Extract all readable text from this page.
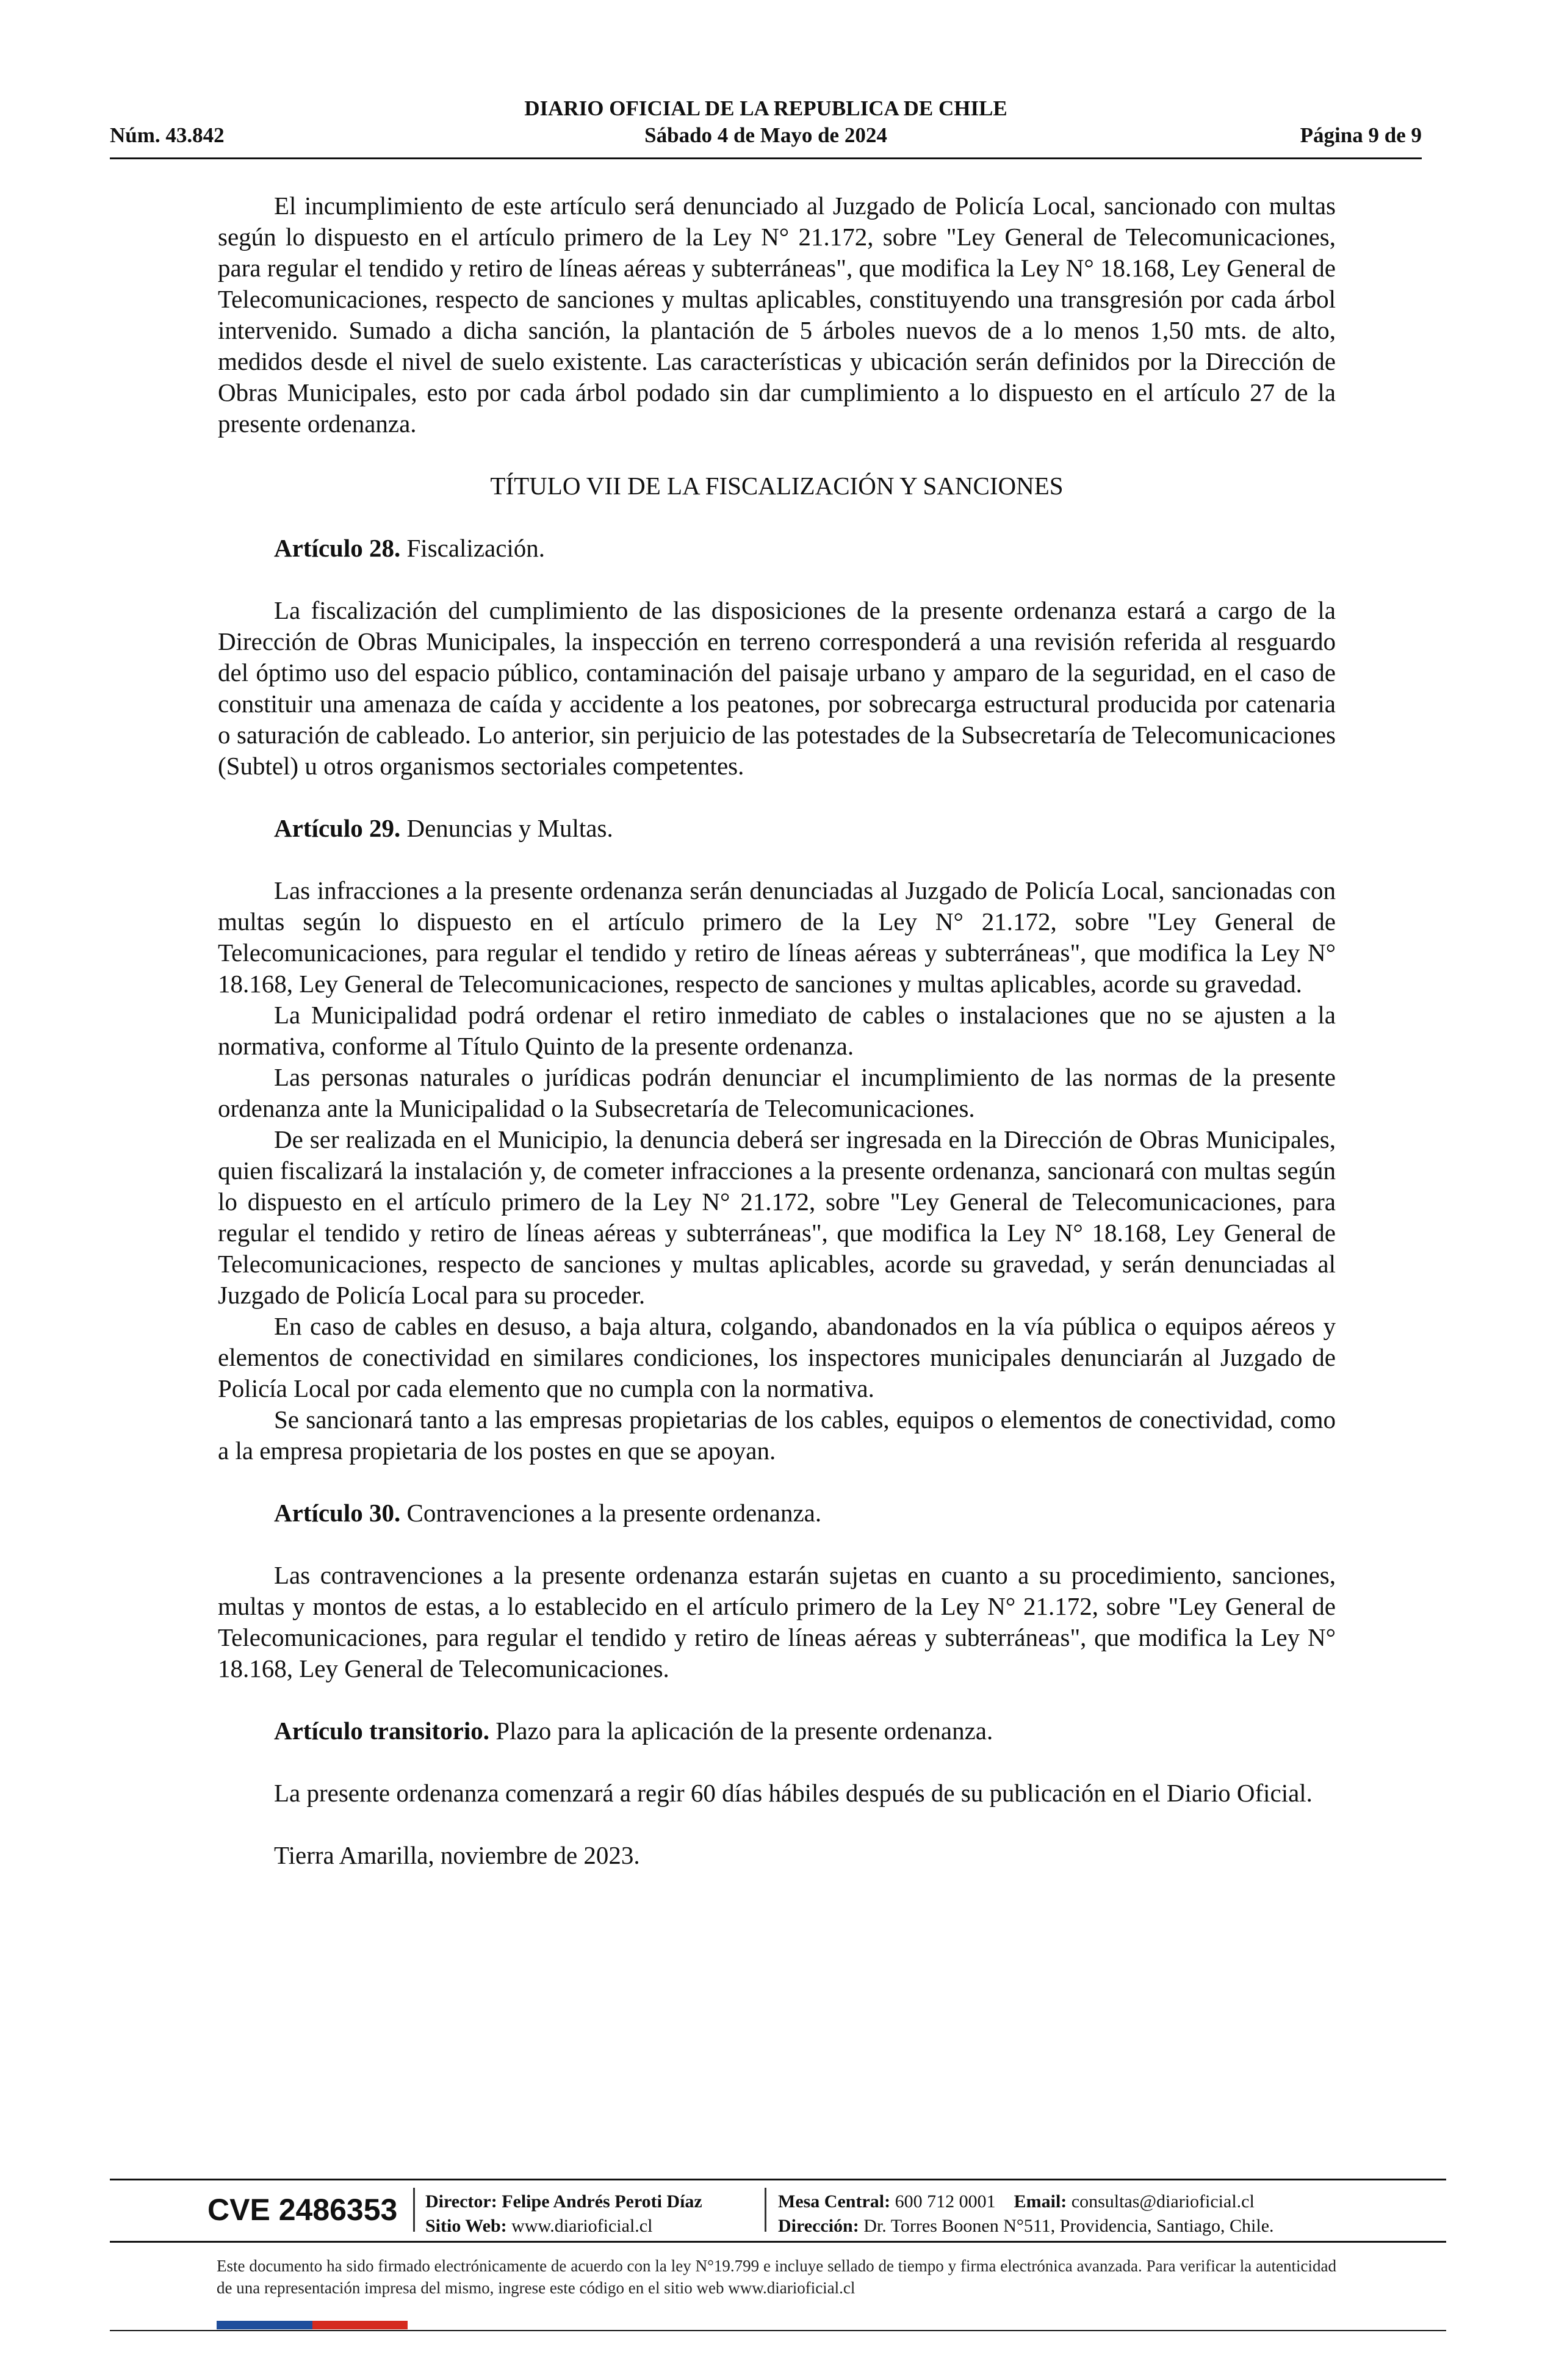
DIARIO OFICIAL DE LA REPUBLICA DE CHILE
Núm. 43.842	Sábado 4 de Mayo de 2024	Página 9 de 9

El incumplimiento de este artículo será denunciado al Juzgado de Policía Local, sancionado con multas según lo dispuesto en el artículo primero de la Ley N° 21.172, sobre "Ley General de Telecomunicaciones, para regular el tendido y retiro de líneas aéreas y subterráneas", que modifica la Ley N° 18.168, Ley General de Telecomunicaciones, respecto de sanciones y multas aplicables, constituyendo una transgresión por cada árbol intervenido. Sumado a dicha sanción, la plantación de 5 árboles nuevos de a lo menos 1,50 mts. de alto, medidos desde el nivel de suelo existente. Las características y ubicación serán definidos por la Dirección de Obras Municipales, esto por cada árbol podado sin dar cumplimiento a lo dispuesto en el artículo 27 de la presente ordenanza.

TÍTULO VII DE LA FISCALIZACIÓN Y SANCIONES

Artículo 28. Fiscalización.

La fiscalización del cumplimiento de las disposiciones de la presente ordenanza estará a cargo de la Dirección de Obras Municipales, la inspección en terreno corresponderá a una revisión referida al resguardo del óptimo uso del espacio público, contaminación del paisaje urbano y amparo de la seguridad, en el caso de constituir una amenaza de caída y accidente a los peatones, por sobrecarga estructural producida por catenaria o saturación de cableado. Lo anterior, sin perjuicio de las potestades de la Subsecretaría de Telecomunicaciones (Subtel) u otros organismos sectoriales competentes.

Artículo 29. Denuncias y Multas.

Las infracciones a la presente ordenanza serán denunciadas al Juzgado de Policía Local, sancionadas con multas según lo dispuesto en el artículo primero de la Ley N° 21.172, sobre "Ley General de Telecomunicaciones, para regular el tendido y retiro de líneas aéreas y subterráneas", que modifica la Ley N° 18.168, Ley General de Telecomunicaciones, respecto de sanciones y multas aplicables, acorde su gravedad.

La Municipalidad podrá ordenar el retiro inmediato de cables o instalaciones que no se ajusten a la normativa, conforme al Título Quinto de la presente ordenanza.

Las personas naturales o jurídicas podrán denunciar el incumplimiento de las normas de la presente ordenanza ante la Municipalidad o la Subsecretaría de Telecomunicaciones.

De ser realizada en el Municipio, la denuncia deberá ser ingresada en la Dirección de Obras Municipales, quien fiscalizará la instalación y, de cometer infracciones a la presente ordenanza, sancionará con multas según lo dispuesto en el artículo primero de la Ley N° 21.172, sobre "Ley General de Telecomunicaciones, para regular el tendido y retiro de líneas aéreas y subterráneas", que modifica la Ley N° 18.168, Ley General de Telecomunicaciones, respecto de sanciones y multas aplicables, acorde su gravedad, y serán denunciadas al Juzgado de Policía Local para su proceder.

En caso de cables en desuso, a baja altura, colgando, abandonados en la vía pública o equipos aéreos y elementos de conectividad en similares condiciones, los inspectores municipales denunciarán al Juzgado de Policía Local por cada elemento que no cumpla con la normativa.

Se sancionará tanto a las empresas propietarias de los cables, equipos o elementos de conectividad, como a la empresa propietaria de los postes en que se apoyan.

Artículo 30. Contravenciones a la presente ordenanza.

Las contravenciones a la presente ordenanza estarán sujetas en cuanto a su procedimiento, sanciones, multas y montos de estas, a lo establecido en el artículo primero de la Ley N° 21.172, sobre "Ley General de Telecomunicaciones, para regular el tendido y retiro de líneas aéreas y subterráneas", que modifica la Ley N° 18.168, Ley General de Telecomunicaciones.

Artículo transitorio. Plazo para la aplicación de la presente ordenanza.

La presente ordenanza comenzará a regir 60 días hábiles después de su publicación en el Diario Oficial.

Tierra Amarilla, noviembre de 2023.

CVE 2486353 Director: Felipe Andrés Peroti Díaz
Sitio Web: www.diarioficial.cl
Mesa Central: 600 712 0001 Email: consultas@diarioficial.cl
Dirección: Dr. Torres Boonen N°511, Providencia, Santiago, Chile.
Este documento ha sido firmado electrónicamente de acuerdo con la ley N°19.799 e incluye sellado de tiempo y firma electrónica avanzada. Para verificar la autenticidad de una representación impresa del mismo, ingrese este código en el sitio web www.diarioficial.cl
